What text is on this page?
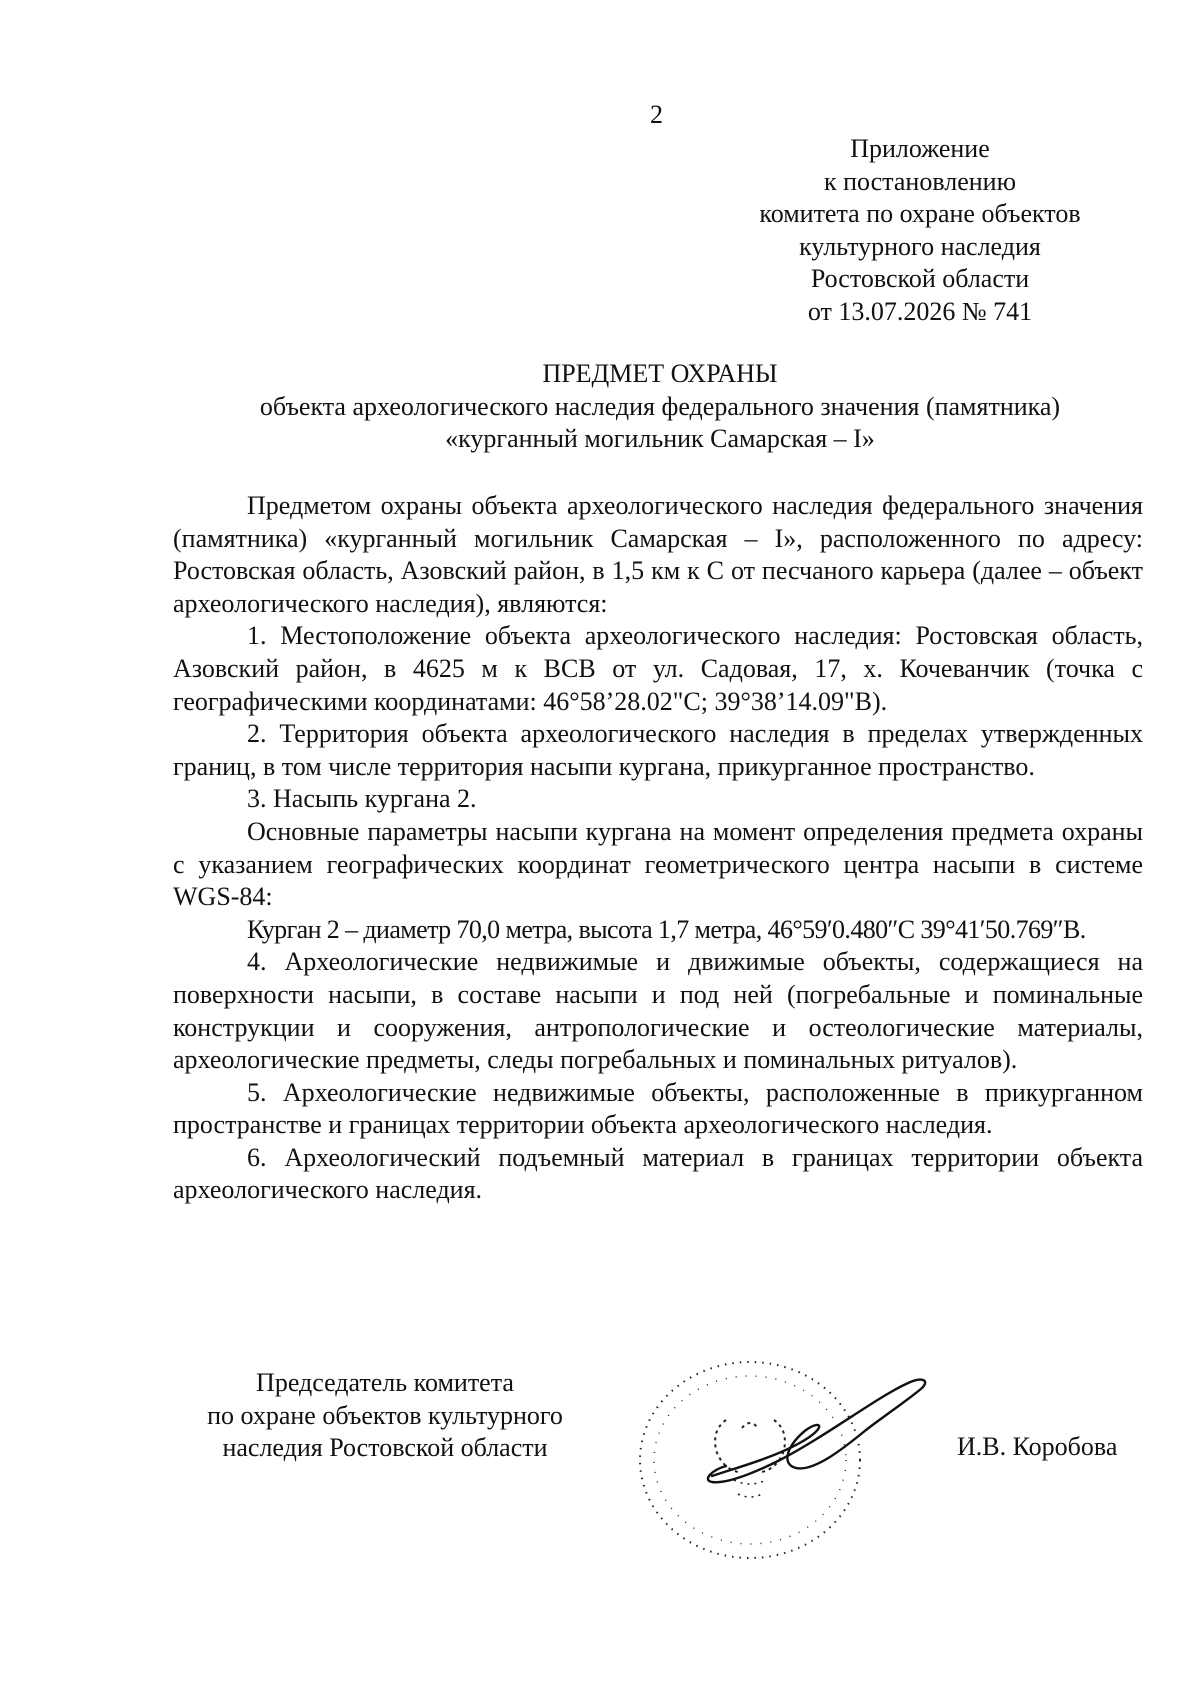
2
Приложение
к постановлению
комитета по охране объектов
культурного наследия
Ростовской области
от 13.07.2026 № 741
ПРЕДМЕТ ОХРАНЫ
объекта археологического наследия федерального значения (памятника)
«курганный могильник Самарская – I»

Предметом охраны объекта археологического наследия федерального значения (памятника) «курганный могильник Самарская – I», расположенного по адресу: Ростовская область, Азовский район, в 1,5 км к С от песчаного карьера (далее – объект археологического наследия), являются:

1. Местоположение объекта археологического наследия: Ростовская область, Азовский район, в 4625 м к ВСВ от ул. Садовая, 17, х. Кочеванчик (точка с географическими координатами: 46°58’28.02"С; 39°38’14.09"В).

2. Территория объекта археологического наследия в пределах утвержденных границ, в том числе территория насыпи кургана, прикурганное пространство.

3. Насыпь кургана 2.

Основные параметры насыпи кургана на момент определения предмета охраны с указанием географических координат геометрического центра насыпи в системе WGS-84:

Курган 2 – диаметр 70,0 метра, высота 1,7 метра, 46°59′0.480″С 39°41′50.769″В.

4. Археологические недвижимые и движимые объекты, содержащиеся на поверхности насыпи, в составе насыпи и под ней (погребальные и поминальные конструкции и сооружения, антропологические и остеологические материалы, археологические предметы, следы погребальных и поминальных ритуалов).

5. Археологические недвижимые объекты, расположенные в прикурганном пространстве и границах территории объекта археологического наследия.

6. Археологический подъемный материал в границах территории объекта археологического наследия.

Председатель комитета
по охране объектов культурного
наследия Ростовской области	И.В. Коробова
